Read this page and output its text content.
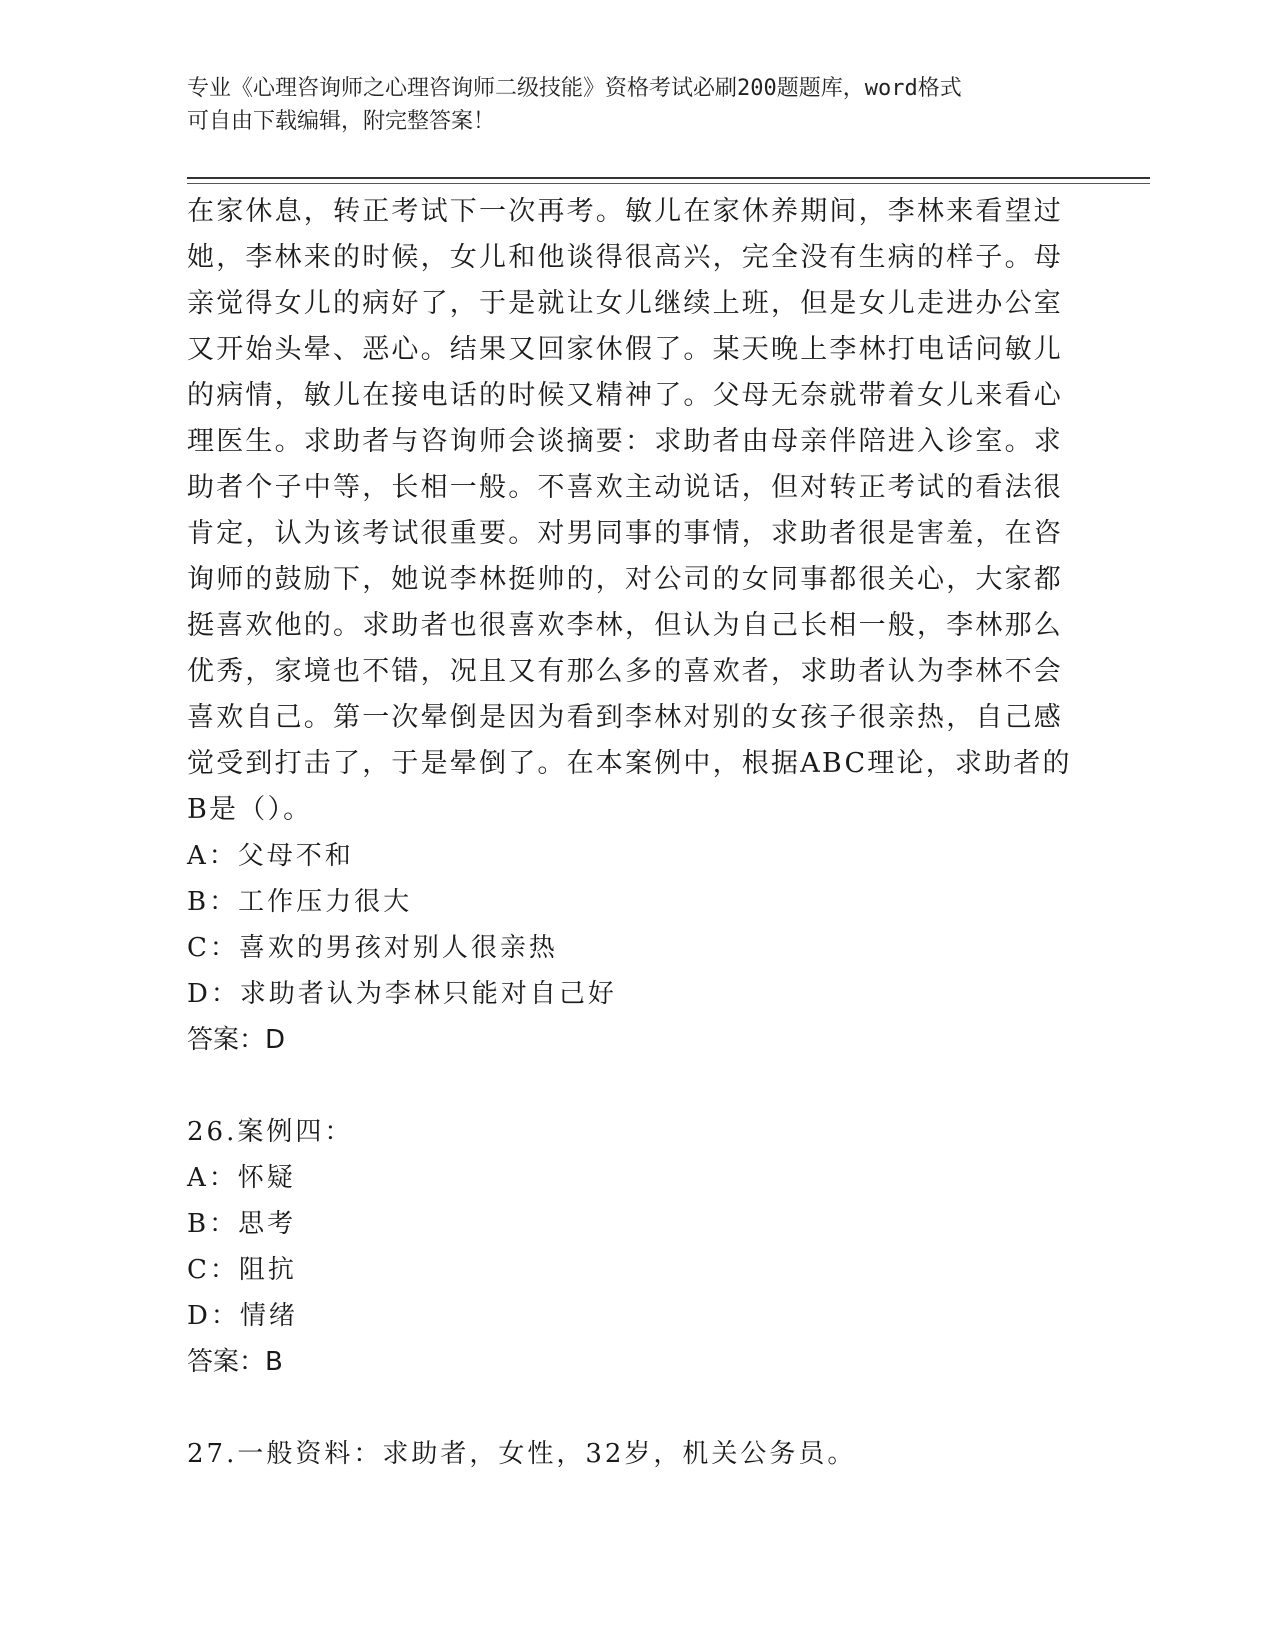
专业《心理咨询师之心理咨询师二级技能》资格考试必刷200题题库，word格式
可自由下载编辑，附完整答案！
在家休息，转正考试下一次再考。敏儿在家休养期间，李林来看望过
她，李林来的时候，女儿和他谈得很高兴，完全没有生病的样子。母
亲觉得女儿的病好了，于是就让女儿继续上班，但是女儿走进办公室
又开始头晕、恶心。结果又回家休假了。某天晚上李林打电话问敏儿
的病情，敏儿在接电话的时候又精神了。父母无奈就带着女儿来看心
理医生。求助者与咨询师会谈摘要：求助者由母亲伴陪进入诊室。求
助者个子中等，长相一般。不喜欢主动说话，但对转正考试的看法很
肯定，认为该考试很重要。对男同事的事情，求助者很是害羞，在咨
询师的鼓励下，她说李林挺帅的，对公司的女同事都很关心，大家都
挺喜欢他的。求助者也很喜欢李林，但认为自己长相一般，李林那么
优秀，家境也不错，况且又有那么多的喜欢者，求助者认为李林不会
喜欢自己。第一次晕倒是因为看到李林对别的女孩子很亲热，自己感
觉受到打击了，于是晕倒了。在本案例中，根据ABC理论，求助者的
B是（）。
A：父母不和
B：工作压力很大
C：喜欢的男孩对别人很亲热
D：求助者认为李林只能对自己好
答案：D
26.案例四：
A：怀疑
B：思考
C：阻抗
D：情绪
答案：B
27.一般资料：求助者，女性，32岁，机关公务员。
